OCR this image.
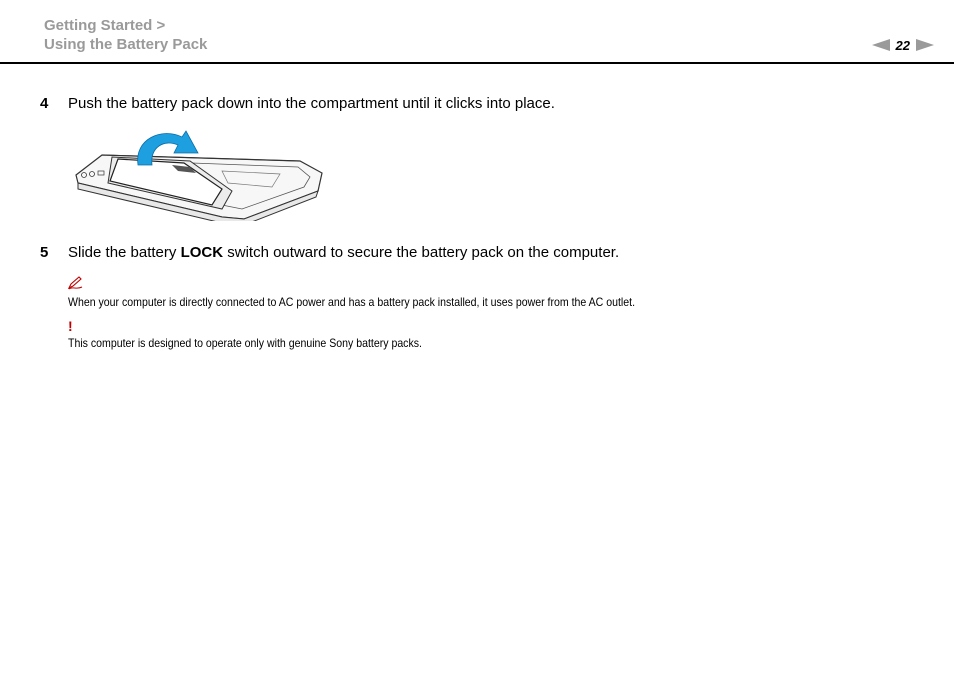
Getting Started >
Using the Battery Pack	22
4 Push the battery pack down into the compartment until it clicks into place.
5 Slide the battery LOCK switch outward to secure the battery pack on the computer.
When your computer is directly connected to AC power and has a battery pack installed, it uses power from the AC outlet.
!
This computer is designed to operate only with genuine Sony battery packs.
